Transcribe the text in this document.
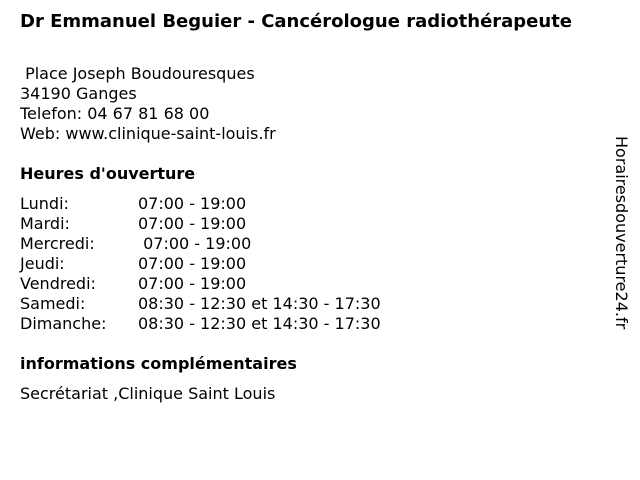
Dr Emmanuel Beguier - Cancérologue radiothérapeute
Place Joseph Boudouresques
34190 Ganges
Telefon: 04 67 81 68 00
Web: www.clinique-saint-louis.fr
Heures d'ouverture
Lundi:	07:00 - 19:00
Mardi:	07:00 - 19:00
Mercredi:	07:00 - 19:00
Jeudi:	07:00 - 19:00
Vendredi:	07:00 - 19:00
Samedi:	08:30 - 12:30 et 14:30 - 17:30
Dimanche:	08:30 - 12:30 et 14:30 - 17:30
informations complémentaires
Secrétariat ,Clinique Saint Louis
Horairesdouverture24.fr
